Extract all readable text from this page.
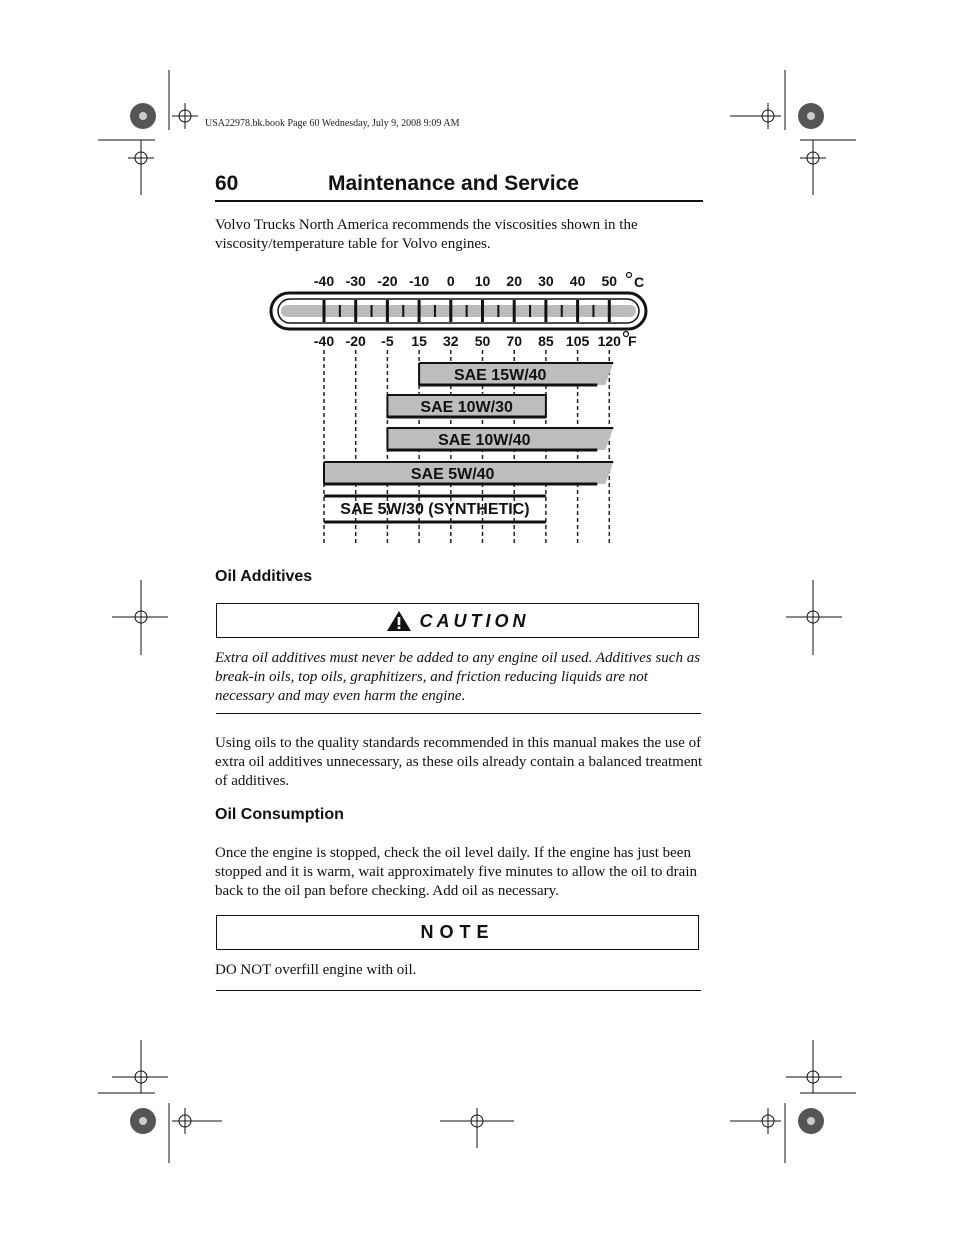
USA22978.bk.book Page 60 Wednesday, July 9, 2008 9:09 AM
60	Maintenance and Service
Volvo Trucks North America recommends the viscosities shown in the viscosity/temperature table for Volvo engines.
-40 -30 -20 -10 0 10 20 30 40 50 C
-40 -20 -5 15 32 50 70 85 105 120 F
SAE 15W/40
SAE 10W/30
SAE 10W/40
SAE 5W/40
SAE 5W/30 (SYNTHETIC)
Oil Additives
CAUTION
Extra oil additives must never be added to any engine oil used. Additives such as break-in oils, top oils, graphitizers, and friction reducing liquids are not necessary and may even harm the engine.
Using oils to the quality standards recommended in this manual makes the use of extra oil additives unnecessary, as these oils already contain a balanced treatment of additives.
Oil Consumption
Once the engine is stopped, check the oil level daily. If the engine has just been stopped and it is warm, wait approximately five minutes to allow the oil to drain back to the oil pan before checking. Add oil as necessary.
NOTE
DO NOT overfill engine with oil.
